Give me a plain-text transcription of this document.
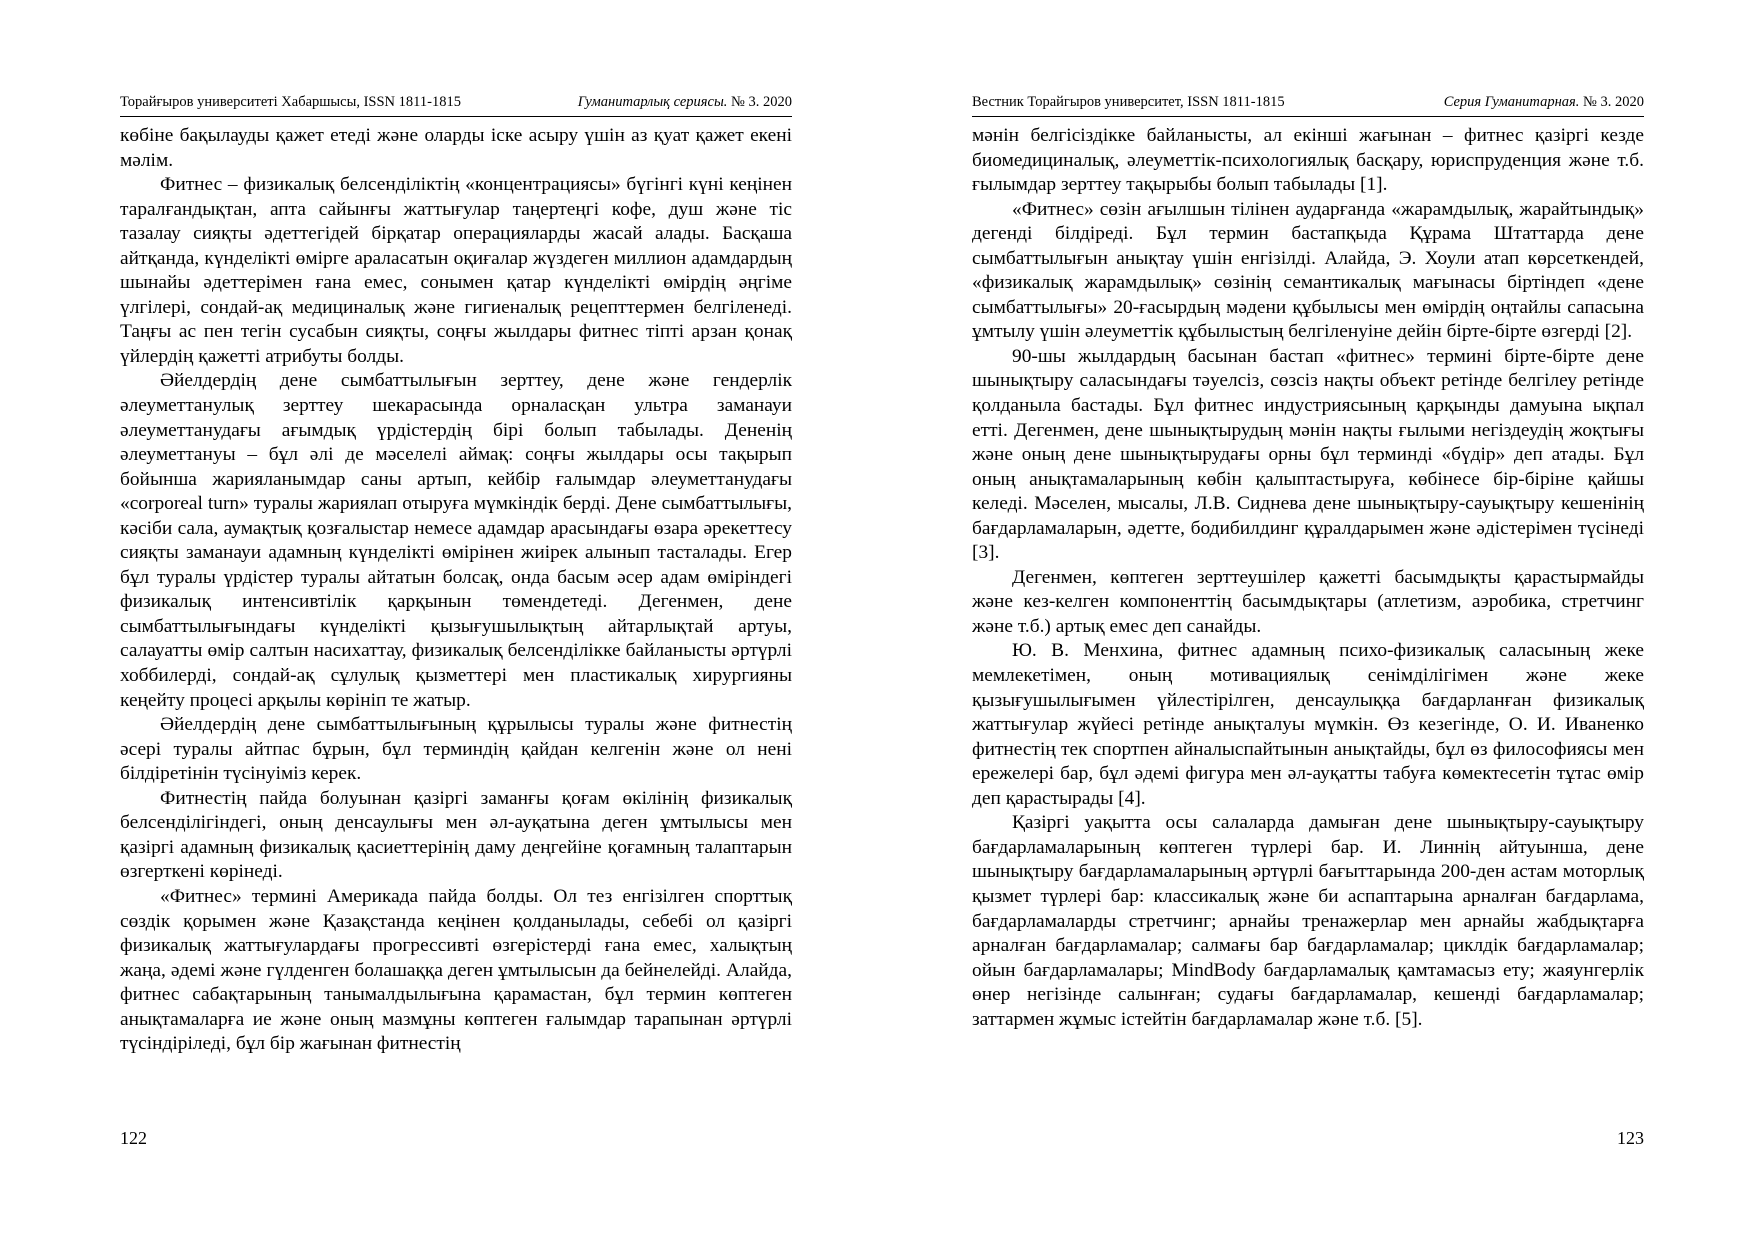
Торайғыров университеті Хабаршысы, ISSN 1811-1815	Гуманитарлық сериясы. № 3. 2020

көбіне бақылауды қажет етеді және оларды іске асыру үшін аз қуат қажет екені мәлім.

Фитнес – физикалық белсенділіктің «концентрациясы» бүгінгі күні кеңінен таралғандықтан, апта сайынғы жаттығулар таңертеңгі кофе, душ және тіс тазалау сияқты әдеттегідей бірқатар операцияларды жасай алады. Басқаша айтқанда, күнделікті өмірге араласатын оқиғалар жүздеген миллион адамдардың шынайы әдеттерімен ғана емес, сонымен қатар күнделікті өмірдің әңгіме үлгілері, сондай-ақ медициналық және гигиеналық рецепттермен белгіленеді. Таңғы ас пен тегін сусабын сияқты, соңғы жылдары фитнес тіпті арзан қонақ үйлердің қажетті атрибуты болды.

Әйелдердің дене сымбаттылығын зерттеу, дене және гендерлік әлеуметтанулық зерттеу шекарасында орналасқан ультра заманауи әлеуметтанудағы ағымдық үрдістердің бірі болып табылады. Дененің әлеуметтануы – бұл әлі де мәселелі аймақ: соңғы жылдары осы тақырып бойынша жарияланымдар саны артып, кейбір ғалымдар әлеуметтанудағы «corporeal turn» туралы жариялап отыруға мүмкіндік берді. Дене сымбаттылығы, кәсіби сала, аумақтық қозғалыстар немесе адамдар арасындағы өзара әрекеттесу сияқты заманауи адамның күнделікті өмірінен жиірек алынып тасталады. Егер бұл туралы үрдістер туралы айтатын болсақ, онда басым әсер адам өміріндегі физикалық интенсивтілік қарқынын төмендетеді. Дегенмен, дене сымбаттылығындағы күнделікті қызығушылықтың айтарлықтай артуы, салауатты өмір салтын насихаттау, физикалық белсенділікке байланысты әртүрлі хоббилерді, сондай-ақ сұлулық қызметтері мен пластикалық хирургияны кеңейту процесі арқылы көрініп те жатыр.

Әйелдердің дене сымбаттылығының құрылысы туралы және фитнестің әсері туралы айтпас бұрын, бұл терминдің қайдан келгенін және ол нені білдіретінін түсінуіміз керек.

Фитнестің пайда болуынан қазіргі заманғы қоғам өкілінің физикалық белсенділігіндегі, оның денсаулығы мен әл-ауқатына деген ұмтылысы мен қазіргі адамның физикалық қасиеттерінің даму деңгейіне қоғамның талаптарын өзгерткені көрінеді.

«Фитнес» термині Америкада пайда болды. Ол тез енгізілген спорттық сөздік қорымен және Қазақстанда кеңінен қолданылады, себебі ол қазіргі физикалық жаттығулардағы прогрессивті өзгерістерді ғана емес, халықтың жаңа, әдемі және гүлденген болашаққа деген ұмтылысын да бейнелейді. Алайда, фитнес сабақтарының танымалдылығына қарамастан, бұл термин көптеген анықтамаларға ие және оның мазмұны көптеген ғалымдар тарапынан әртүрлі түсіндіріледі, бұл бір жағынан фитнестің

122
Вестник Торайгыров университет, ISSN 1811-1815	Серия Гуманитарная. № 3. 2020

мәнін белгісіздікке байланысты, ал екінші жағынан – фитнес қазіргі кезде биомедициналық, әлеуметтік-психологиялық басқару, юриспруденция және т.б. ғылымдар зерттеу тақырыбы болып табылады [1].

«Фитнес» сөзін ағылшын тілінен аударғанда «жарамдылық, жарайтындық» дегенді білдіреді. Бұл термин бастапқыда Құрама Штаттарда дене сымбаттылығын анықтау үшін енгізілді. Алайда, Э. Хоули атап көрсеткендей, «физикалық жарамдылық» сөзінің семантикалық мағынасы біртіндеп «дене сымбаттылығы» 20-ғасырдың мәдени құбылысы мен өмірдің оңтайлы сапасына ұмтылу үшін әлеуметтік құбылыстың белгіленуіне дейін бірте-бірте өзгерді [2].

90-шы жылдардың басынан бастап «фитнес» термині бірте-бірте дене шынықтыру саласындағы тәуелсіз, сөзсіз нақты объект ретінде белгілеу ретінде қолданыла бастады. Бұл фитнес индустриясының қарқынды дамуына ықпал етті. Дегенмен, дене шынықтырудың мәнін нақты ғылыми негіздеудің жоқтығы және оның дене шынықтырудағы орны бұл терминді «бүдір» деп атады. Бұл оның анықтамаларының көбін қалыптастыруға, көбінесе бір-біріне қайшы келеді. Мәселен, мысалы, Л.В. Сиднева дене шынықтыру-сауықтыру кешенінің бағдарламаларын, әдетте, бодибилдинг құралдарымен және әдістерімен түсінеді [3].

Дегенмен, көптеген зерттеушілер қажетті басымдықты қарастырмайды және кез-келген компоненттің басымдықтары (атлетизм, аэробика, стретчинг және т.б.) артық емес деп санайды.

Ю. В. Менхина, фитнес адамның психо-физикалық саласының жеке мемлекетімен, оның мотивациялық сенімділігімен және жеке қызығушылығымен үйлестірілген, денсаулыққа бағдарланған физикалық жаттығулар жүйесі ретінде анықталуы мүмкін. Өз кезегінде, О. И. Иваненко фитнестің тек спортпен айналыспайтынын анықтайды, бұл өз философиясы мен ережелері бар, бұл әдемі фигура мен әл-ауқатты табуға көмектесетін тұтас өмір деп қарастырады [4].

Қазіргі уақытта осы салаларда дамыған дене шынықтыру-сауықтыру бағдарламаларының көптеген түрлері бар. И. Линнің айтуынша, дене шынықтыру бағдарламаларының әртүрлі бағыттарында 200-ден астам моторлық қызмет түрлері бар: классикалық және би аспаптарына арналған бағдарлама, бағдарламаларды стретчинг; арнайы тренажерлар мен арнайы жабдықтарға арналған бағдарламалар; салмағы бар бағдарламалар; циклдік бағдарламалар; ойын бағдарламалары; MindBody бағдарламалық қамтамасыз ету; жаяунгерлік өнер негізінде салынған; судағы бағдарламалар, кешенді бағдарламалар; заттармен жұмыс істейтін бағдарламалар және т.б. [5].

123
